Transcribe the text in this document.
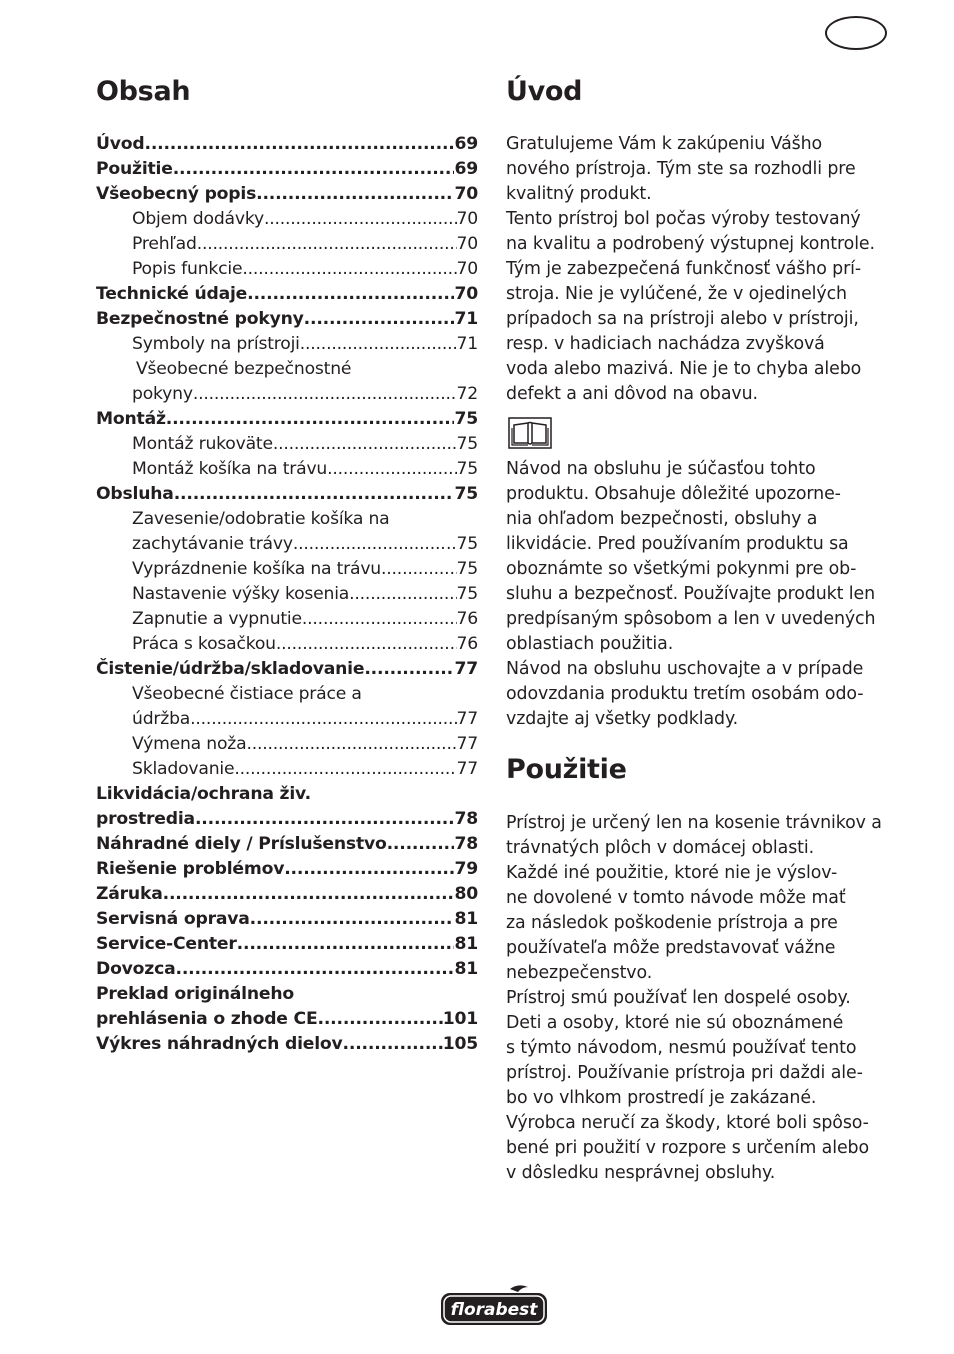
Obsah
Úvod .....	69
Použitie .....	69
Všeobecný popis .....	70
Objem dodávky .....	70
Prehľad .....	70
Popis funkcie .....	70
Technické údaje .....	70
Bezpečnostné pokyny .....	71
Symboly na prístroji .....	71
Všeobecné bezpečnostné
pokyny .....	72
Montáž .....	75
Montáž rukoväte .....	75
Montáž košíka na trávu .....	75
Obsluha .....	75
Zavesenie/odobratie košíka na
zachytávanie trávy .....	..75
Vyprázdnenie košíka na trávu .....	75
Nastavenie výšky kosenia .....	75
Zapnutie a vypnutie .....	76
Práca s kosačkou .....	76
Čistenie/údržba/skladovanie .....	77
Všeobecné čistiace práce a
údržba .....	77
Výmena noža .....	77
Skladovanie .....	77
Likvidácia/ochrana živ.
prostredia .....	78
Náhradné diely / Príslušenstvo .....	78
Riešenie problémov .....	79
Záruka .....	80
Servisná oprava .....	81
Service-Center .....	81
Dovozca .....	81
Preklad originálneho
prehlásenia o zhode CE .....	101
Výkres náhradných dielov .....	105
Úvod
Gratulujeme Vám k zakúpeniu Vášho
nového prístroja. Tým ste sa rozhodli pre
kvalitný produkt.
Tento prístroj bol počas výroby testovaný
na kvalitu a podrobený výstupnej kontrole.
Tým je zabezpečená funkčnosť vášho prí-
stroja. Nie je vylúčené, že v ojedinelých
prípadoch sa na prístroji alebo v prístroji,
resp. v hadiciach nachádza zvyšková
voda alebo mazivá. Nie je to chyba alebo
defekt a ani dôvod na obavu.
Návod na obsluhu je súčasťou tohto
produktu. Obsahuje dôležité upozorne-
nia ohľadom bezpečnosti, obsluhy a
likvidácie. Pred používaním produktu sa
oboznámte so všetkými pokynmi pre ob-
sluhu a bezpečnosť. Používajte produkt len
predpísaným spôsobom a len v uvedených
oblastiach použitia.
Návod na obsluhu uschovajte a v prípade
odovzdania produktu tretím osobám odo-
vzdajte aj všetky podklady.
Použitie
Prístroj je určený len na kosenie trávnikov a
trávnatých plôch v domácej oblasti.
Každé iné použitie, ktoré nie je výslov-
ne dovolené v tomto návode môže mať
za následok poškodenie prístroja a pre
používateľa môže predstavovať vážne
nebezpečenstvo.
Prístroj smú používať len dospelé osoby.
Deti a osoby, ktoré nie sú oboznámené
s týmto návodom, nesmú používať tento
prístroj. Používanie prístroja pri daždi ale-
bo vo vlhkom prostredí je zakázané.
Výrobca neručí za škody, ktoré boli spôso-
bené pri použití v rozpore s určením alebo
v dôsledku nesprávnej obsluhy.
florabest
